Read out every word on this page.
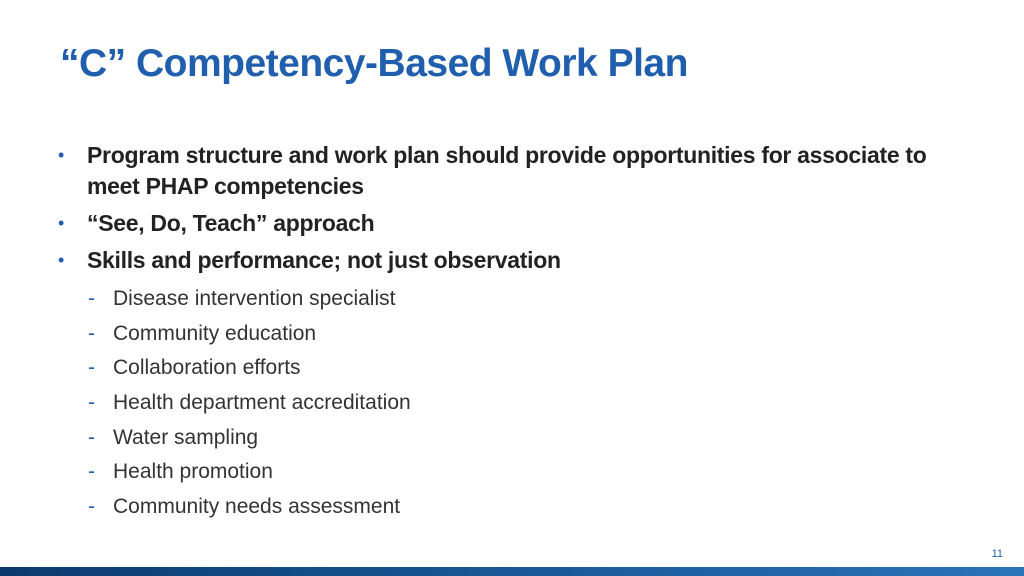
“C” Competency-Based Work Plan
• Program structure and work plan should provide opportunities for associate to meet PHAP competencies
• “See, Do, Teach” approach
• Skills and performance; not just observation
- Disease intervention specialist
- Community education
- Collaboration efforts
- Health department accreditation
- Water sampling
- Health promotion
- Community needs assessment
11
